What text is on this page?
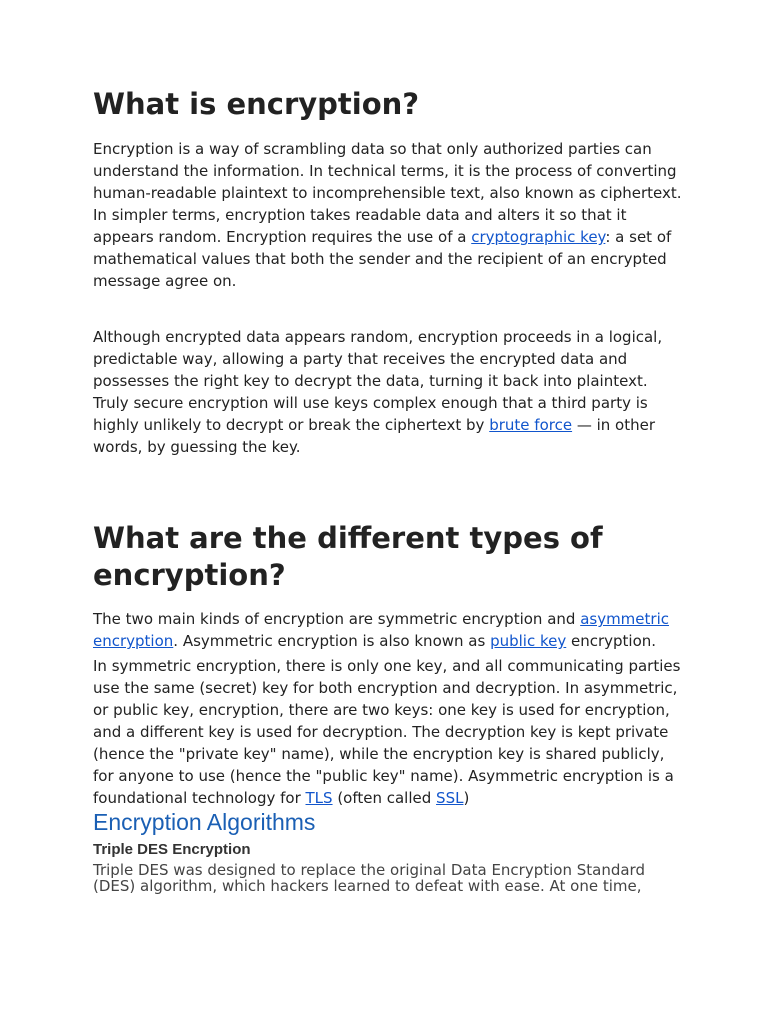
What is encryption?

Encryption is a way of scrambling data so that only authorized parties can understand the information. In technical terms, it is the process of converting human-readable plaintext to incomprehensible text, also known as ciphertext. In simpler terms, encryption takes readable data and alters it so that it appears random. Encryption requires the use of a cryptographic key: a set of mathematical values that both the sender and the recipient of an encrypted message agree on.

Although encrypted data appears random, encryption proceeds in a logical, predictable way, allowing a party that receives the encrypted data and possesses the right key to decrypt the data, turning it back into plaintext. Truly secure encryption will use keys complex enough that a third party is highly unlikely to decrypt or break the ciphertext by brute force — in other words, by guessing the key.

What are the different types of encryption?

The two main kinds of encryption are symmetric encryption and asymmetric encryption. Asymmetric encryption is also known as public key encryption.

In symmetric encryption, there is only one key, and all communicating parties use the same (secret) key for both encryption and decryption. In asymmetric, or public key, encryption, there are two keys: one key is used for encryption, and a different key is used for decryption. The decryption key is kept private (hence the "private key" name), while the encryption key is shared publicly, for anyone to use (hence the "public key" name). Asymmetric encryption is a foundational technology for TLS (often called SSL)

Encryption Algorithms
Triple DES Encryption

Triple DES was designed to replace the original Data Encryption Standard (DES) algorithm, which hackers learned to defeat with ease. At one time,
